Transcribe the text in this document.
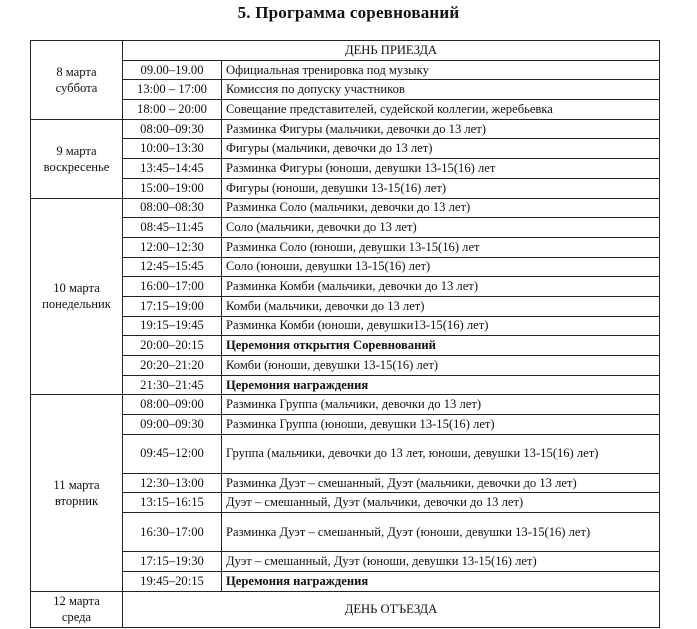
5. Программа соревнований
8 марта
суббота	ДЕНЬ ПРИЕЗДА	
	09.00–19.00	Официальная тренировка под музыку
	13:00 – 17:00	Комиссия по допуску участников
	18:00 – 20:00	Совещание представителей, судейской коллегии, жеребьевка
9 марта
воскресенье	08:00–09:30	Разминка Фигуры (мальчики, девочки до 13 лет)
	10:00–13:30	Фигуры (мальчики, девочки до 13 лет)
	13:45–14:45	Разминка Фигуры (юноши, девушки 13-15(16) лет
	15:00–19:00	Фигуры (юноши, девушки 13-15(16) лет)
10 марта
понедельник	08:00–08:30	Разминка Соло (мальчики, девочки до 13 лет)
	08:45–11:45	Соло (мальчики, девочки до 13 лет)
	12:00–12:30	Разминка Соло (юноши, девушки 13-15(16) лет
	12:45–15:45	Соло (юноши, девушки 13-15(16) лет)
	16:00–17:00	Разминка Комби (мальчики, девочки до 13 лет)
	17:15–19:00	Комби (мальчики, девочки до 13 лет)
	19:15–19:45	Разминка Комби (юноши, девушки13-15(16) лет)
	20:00–20:15	Церемония открытия Соревнований
	20:20–21:20	Комби (юноши, девушки 13-15(16) лет)
	21:30–21:45	Церемония награждения
11 марта
вторник	08:00–09:00	Разминка Группа (мальчики, девочки до 13 лет)
	09:00–09:30	Разминка Группа (юноши, девушки 13-15(16) лет)
	09:45–12:00	Группа (мальчики, девочки до 13 лет, юноши, девушки 13-15(16) лет)
	12:30–13:00	Разминка Дуэт – смешанный, Дуэт (мальчики, девочки до 13 лет)
	13:15–16:15	Дуэт – смешанный, Дуэт (мальчики, девочки до 13 лет)
	16:30–17:00	Разминка Дуэт – смешанный, Дуэт (юноши, девушки 13-15(16) лет)
	17:15–19:30	Дуэт – смешанный, Дуэт (юноши, девушки 13-15(16) лет)
	19:45–20:15	Церемония награждения
12 марта
среда	ДЕНЬ ОТЪЕЗДА	
